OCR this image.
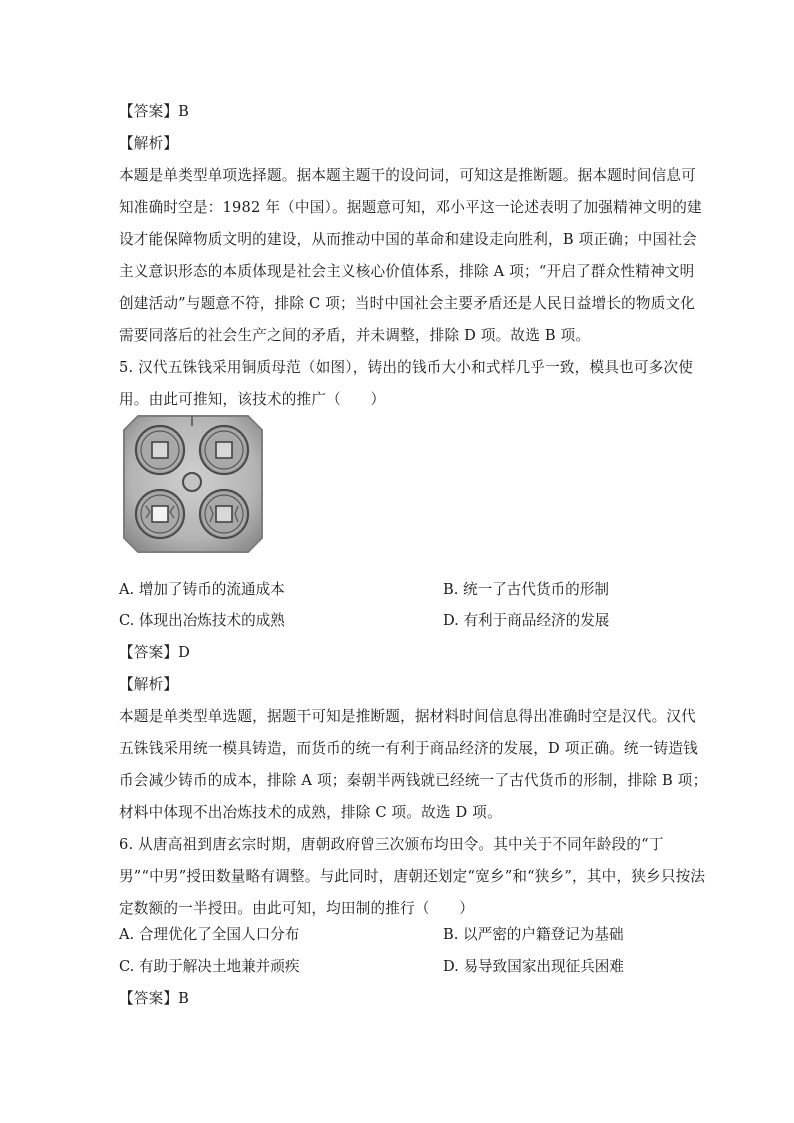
【答案】B
【解析】
本题是单类型单项选择题。据本题主题干的设问词，可知这是推断题。据本题时间信息可
知准确时空是：1982 年（中国）。据题意可知，邓小平这一论述表明了加强精神文明的建
设才能保障物质文明的建设，从而推动中国的革命和建设走向胜利，B 项正确；中国社会
主义意识形态的本质体现是社会主义核心价值体系，排除 A 项；“开启了群众性精神文明
创建活动”与题意不符，排除 C 项；当时中国社会主要矛盾还是人民日益增长的物质文化
需要同落后的社会生产之间的矛盾，并未调整，排除 D 项。故选 B 项。
5. 汉代五铢钱采用铜质母范（如图），铸出的钱币大小和式样几乎一致，模具也可多次使
用。由此可推知，该技术的推广（　　）
A. 增加了铸币的流通成本	B. 统一了古代货币的形制
C. 体现出冶炼技术的成熟	D. 有利于商品经济的发展
【答案】D
【解析】
本题是单类型单选题，据题干可知是推断题，据材料时间信息得出准确时空是汉代。汉代
五铢钱采用统一模具铸造，而货币的统一有利于商品经济的发展，D 项正确。统一铸造钱
币会减少铸币的成本，排除 A 项；秦朝半两钱就已经统一了古代货币的形制，排除 B 项；
材料中体现不出冶炼技术的成熟，排除 C 项。故选 D 项。
6. 从唐高祖到唐玄宗时期，唐朝政府曾三次颁布均田令。其中关于不同年龄段的“丁
男”“中男”授田数量略有调整。与此同时，唐朝还划定“宽乡”和“狭乡”，其中，狭乡只按法
定数额的一半授田。由此可知，均田制的推行（　　）
A. 合理优化了全国人口分布	B. 以严密的户籍登记为基础
C. 有助于解决土地兼并顽疾	D. 易导致国家出现征兵困难
【答案】B
